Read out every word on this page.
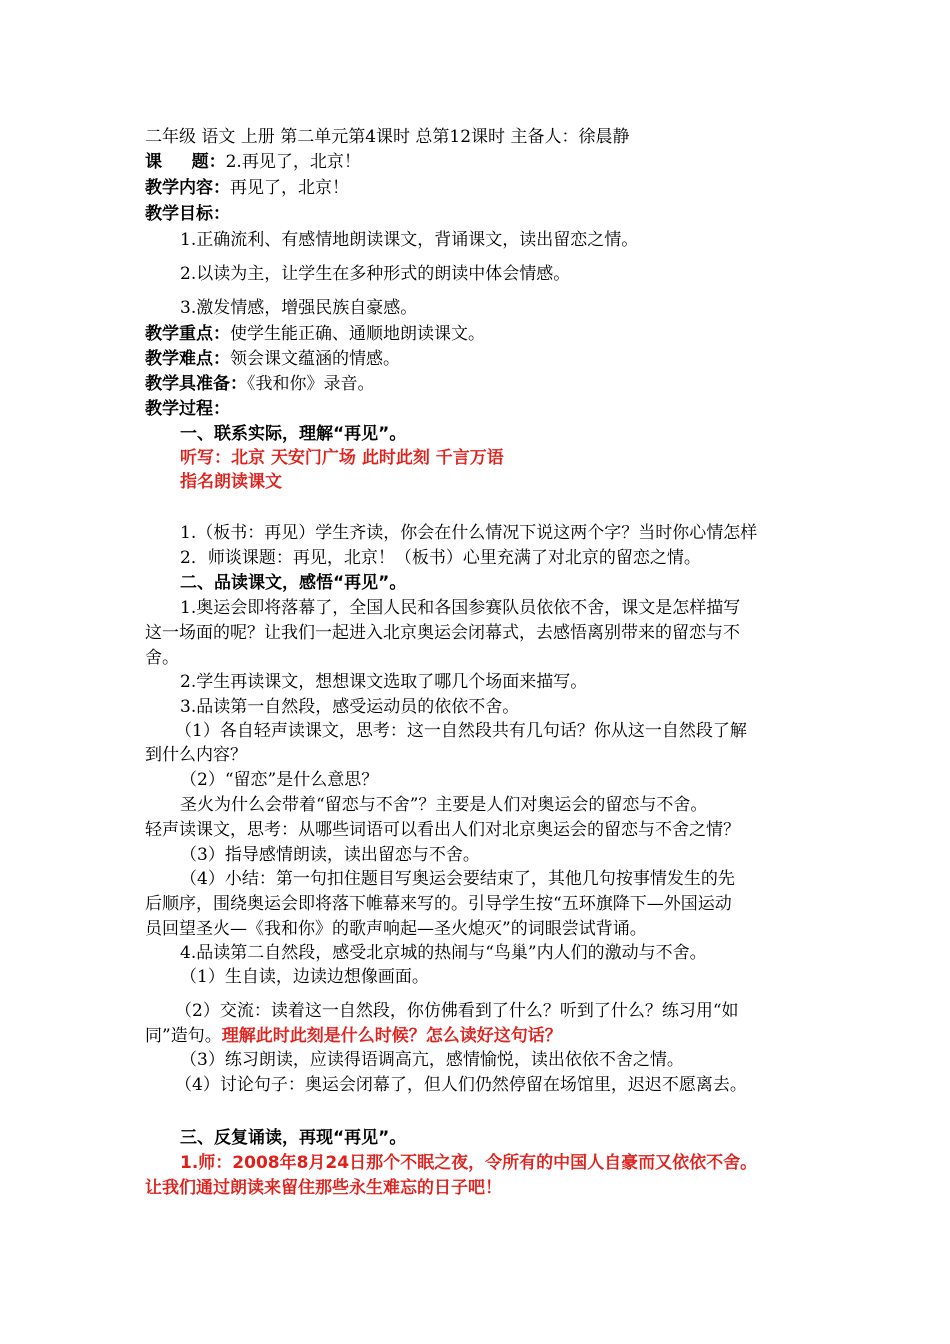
二年级 语文 上册 第二单元第4课时 总第12课时 主备人：徐晨静
课     题：2.再见了，北京！
教学内容：再见了，北京！
教学目标：
1.正确流利、有感情地朗读课文，背诵课文，读出留恋之情。
2.以读为主，让学生在多种形式的朗读中体会情感。
3.激发情感，增强民族自豪感。
教学重点：使学生能正确、通顺地朗读课文。
教学难点：领会课文蕴涵的情感。
教学具准备：《我和你》录音。
教学过程：
一、联系实际，理解“再见”。
听写：北京 天安门广场 此时此刻 千言万语
指名朗读课文
1.（板书：再见）学生齐读，你会在什么情况下说这两个字？当时你心情怎样
2．师谈课题：再见，北京！（板书）心里充满了对北京的留恋之情。
二、品读课文，感悟“再见”。
1.奥运会即将落幕了，全国人民和各国参赛队员依依不舍，课文是怎样描写
这一场面的呢？让我们一起进入北京奥运会闭幕式，去感悟离别带来的留恋与不
舍。
2.学生再读课文，想想课文选取了哪几个场面来描写。
3.品读第一自然段，感受运动员的依依不舍。
（1）各自轻声读课文，思考：这一自然段共有几句话？你从这一自然段了解
到什么内容？
（2）“留恋”是什么意思？
圣火为什么会带着“留恋与不舍”？主要是人们对奥运会的留恋与不舍。
轻声读课文，思考：从哪些词语可以看出人们对北京奥运会的留恋与不舍之情？
（3）指导感情朗读，读出留恋与不舍。
（4）小结：第一句扣住题目写奥运会要结束了，其他几句按事情发生的先
后顺序，围绕奥运会即将落下帷幕来写的。引导学生按“五环旗降下—外国运动
员回望圣火—《我和你》的歌声响起—圣火熄灭”的词眼尝试背诵。
4.品读第二自然段，感受北京城的热闹与“鸟巢”内人们的激动与不舍。
（1）生自读，边读边想像画面。
（2）交流：读着这一自然段，你仿佛看到了什么？听到了什么？练习用“如
同”造句。理解此时此刻是什么时候？怎么读好这句话？
（3）练习朗读，应读得语调高亢，感情愉悦，读出依依不舍之情。
（4）讨论句子：奥运会闭幕了，但人们仍然停留在场馆里，迟迟不愿离去。
三、反复诵读，再现“再见”。
1.师：2008年8月24日那个不眠之夜，令所有的中国人自豪而又依依不舍。
让我们通过朗读来留住那些永生难忘的日子吧！
